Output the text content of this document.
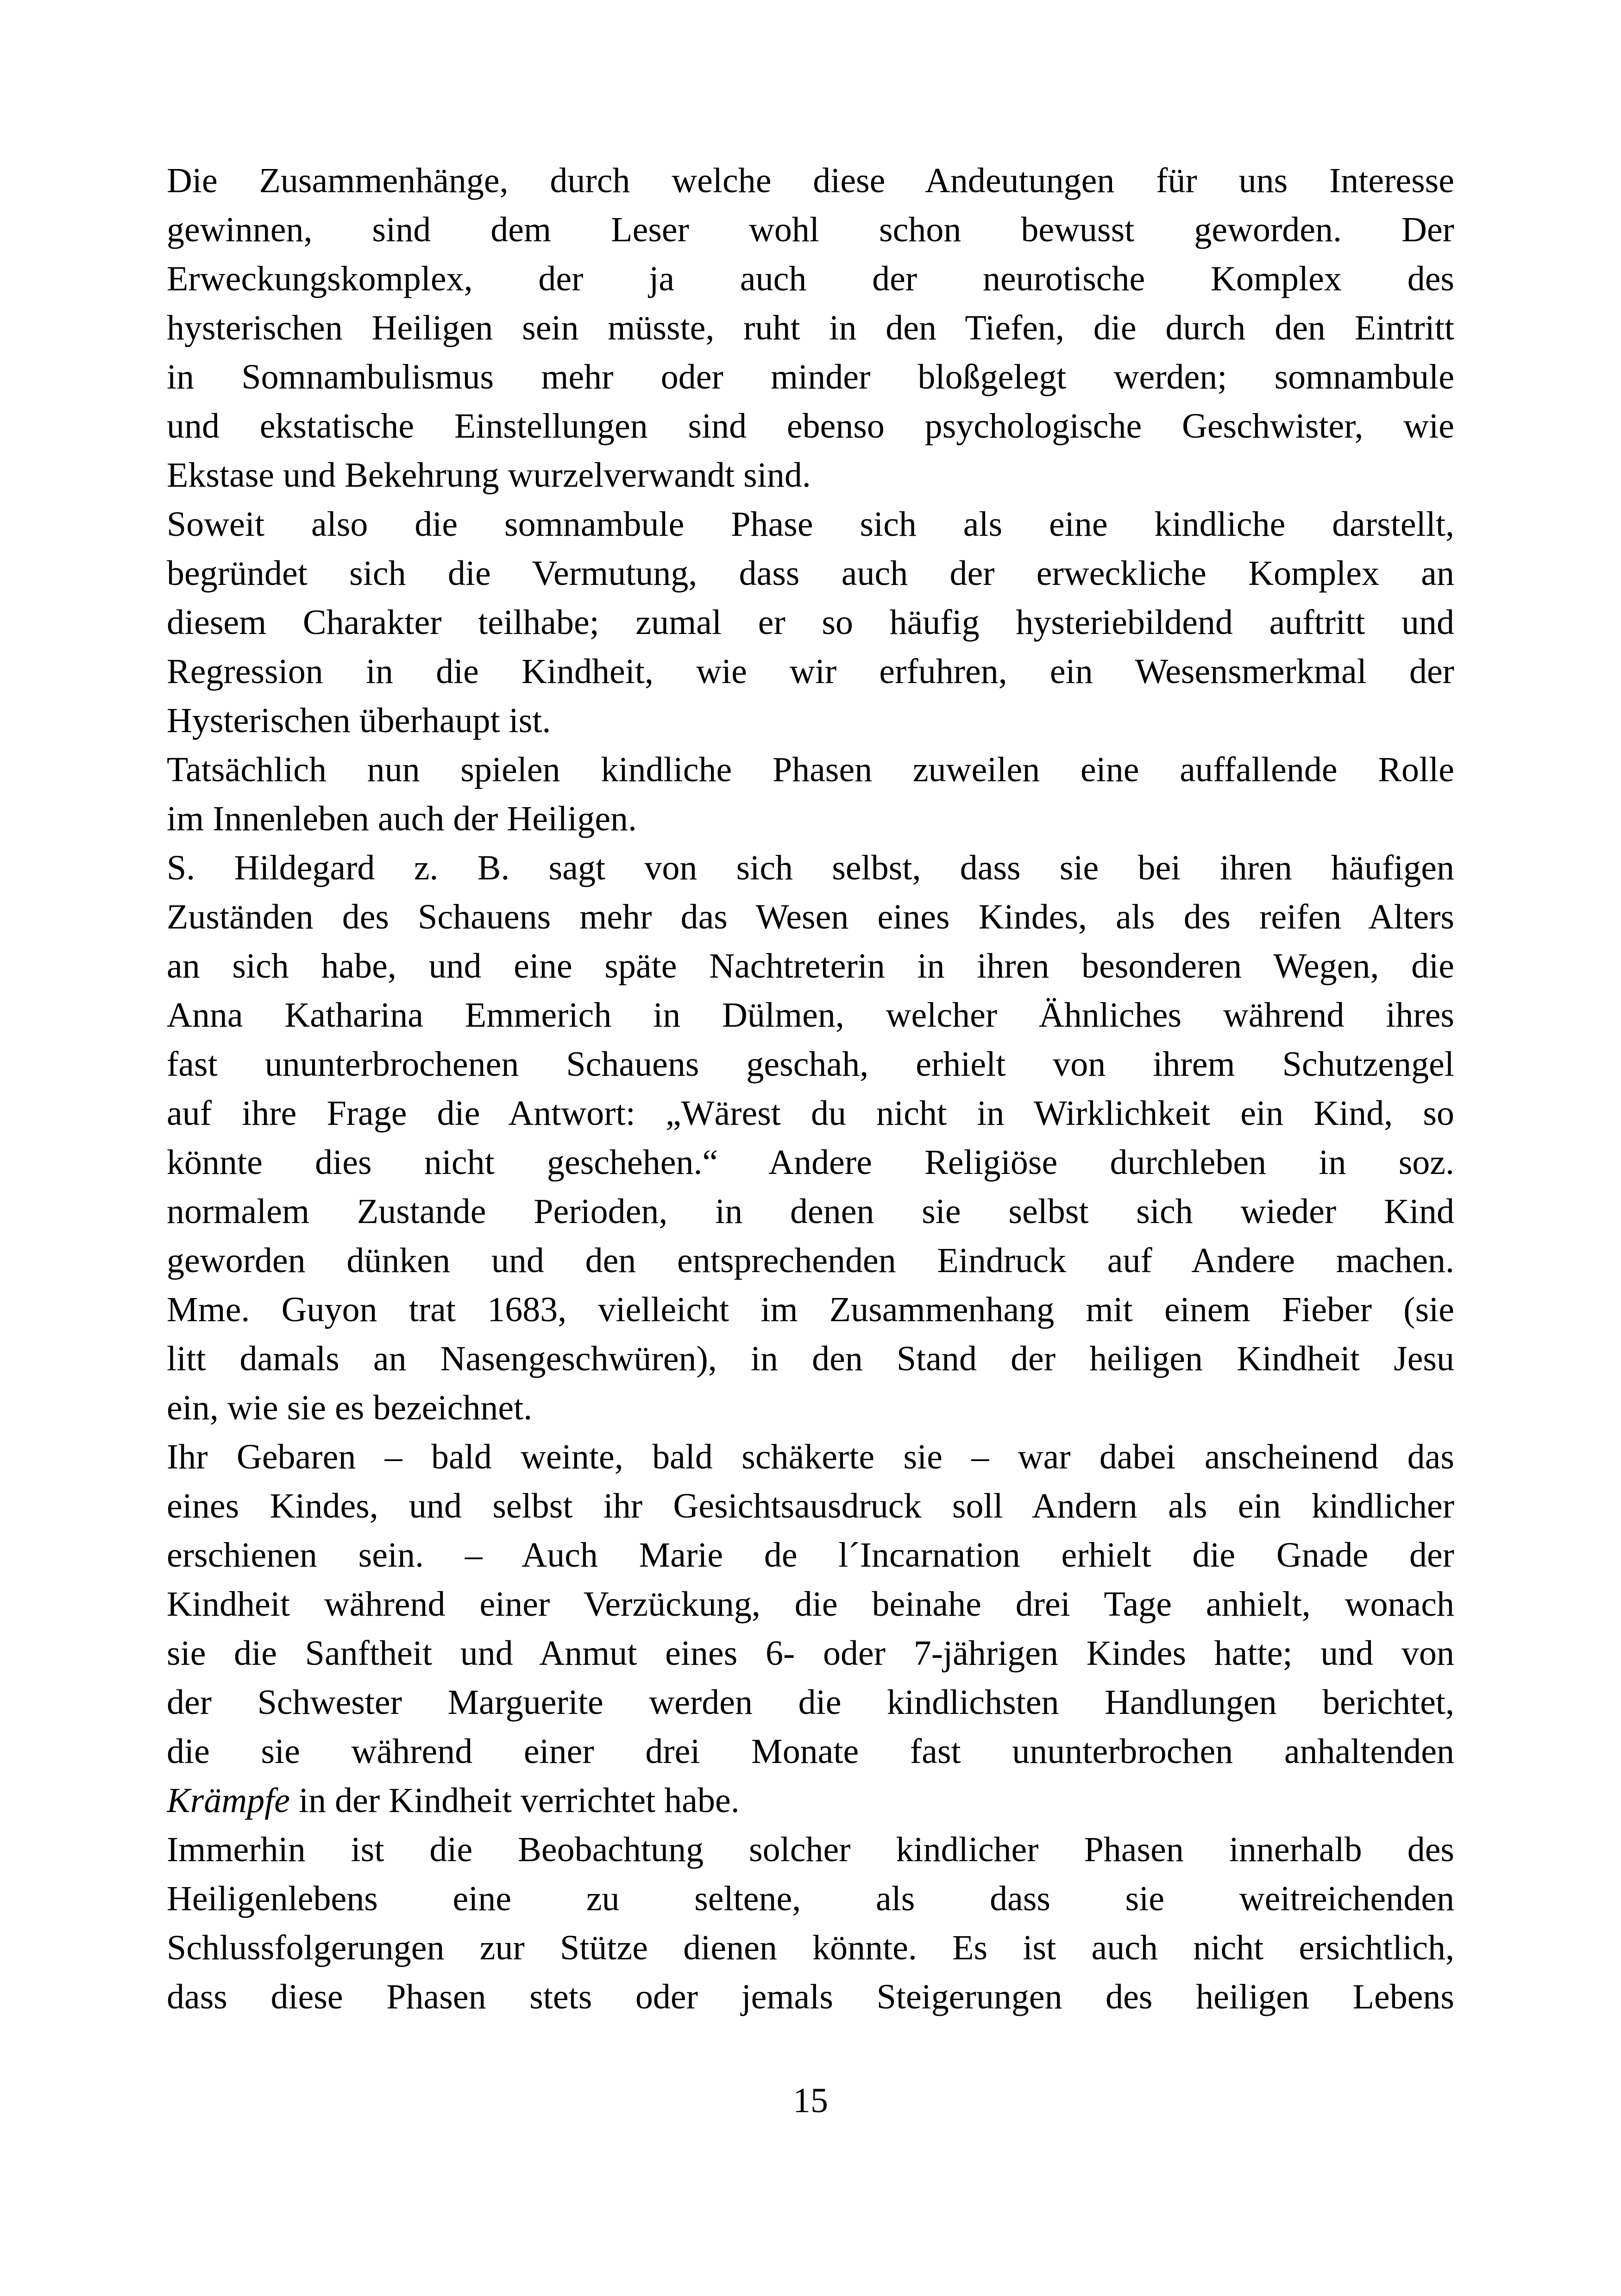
Die Zusammenhänge, durch welche diese Andeutungen für uns Interesse
gewinnen, sind dem Leser wohl schon bewusst geworden. Der
Erweckungskomplex, der ja auch der neurotische Komplex des
hysterischen Heiligen sein müsste, ruht in den Tiefen, die durch den Eintritt
in Somnambulismus mehr oder minder bloßgelegt werden; somnambule
und ekstatische Einstellungen sind ebenso psychologische Geschwister, wie
Ekstase und Bekehrung wurzelverwandt sind.
Soweit also die somnambule Phase sich als eine kindliche darstellt,
begründet sich die Vermutung, dass auch der erweckliche Komplex an
diesem Charakter teilhabe; zumal er so häufig hysteriebildend auftritt und
Regression in die Kindheit, wie wir erfuhren, ein Wesensmerkmal der
Hysterischen überhaupt ist.
Tatsächlich nun spielen kindliche Phasen zuweilen eine auffallende Rolle
im Innenleben auch der Heiligen.
S. Hildegard z. B. sagt von sich selbst, dass sie bei ihren häufigen
Zuständen des Schauens mehr das Wesen eines Kindes, als des reifen Alters
an sich habe, und eine späte Nachtreterin in ihren besonderen Wegen, die
Anna Katharina Emmerich in Dülmen, welcher Ähnliches während ihres
fast ununterbrochenen Schauens geschah, erhielt von ihrem Schutzengel
auf ihre Frage die Antwort: „Wärest du nicht in Wirklichkeit ein Kind, so
könnte dies nicht geschehen.“ Andere Religiöse durchleben in soz.
normalem Zustande Perioden, in denen sie selbst sich wieder Kind
geworden dünken und den entsprechenden Eindruck auf Andere machen.
Mme. Guyon trat 1683, vielleicht im Zusammenhang mit einem Fieber (sie
litt damals an Nasengeschwüren), in den Stand der heiligen Kindheit Jesu
ein, wie sie es bezeichnet.
Ihr Gebaren – bald weinte, bald schäkerte sie – war dabei anscheinend das
eines Kindes, und selbst ihr Gesichtsausdruck soll Andern als ein kindlicher
erschienen sein. – Auch Marie de l´Incarnation erhielt die Gnade der
Kindheit während einer Verzückung, die beinahe drei Tage anhielt, wonach
sie die Sanftheit und Anmut eines 6- oder 7-jährigen Kindes hatte; und von
der Schwester Marguerite werden die kindlichsten Handlungen berichtet,
die sie während einer drei Monate fast ununterbrochen anhaltenden
Krämpfe in der Kindheit verrichtet habe.
Immerhin ist die Beobachtung solcher kindlicher Phasen innerhalb des
Heiligenlebens eine zu seltene, als dass sie weitreichenden
Schlussfolgerungen zur Stütze dienen könnte. Es ist auch nicht ersichtlich,
dass diese Phasen stets oder jemals Steigerungen des heiligen Lebens
15
